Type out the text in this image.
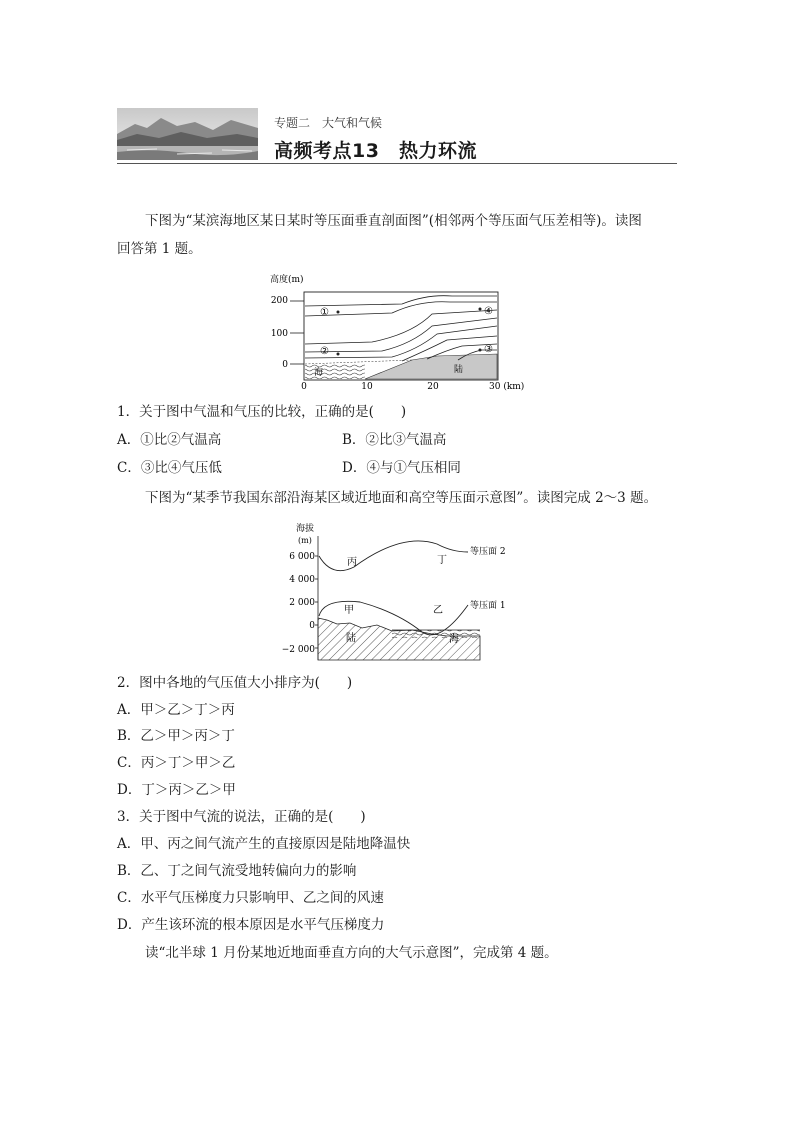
专题二　大气和气候
高频考点13　热力环流
下图为“某滨海地区某日某时等压面垂直剖面图”(相邻两个等压面气压差相等)。读图
回答第 1 题。
高度(m)
200
100
0
海	陆
①
②	③
④
0	10	20	30 (km)
1．关于图中气温和气压的比较，正确的是(　　)
A．①比②气温高	B．②比③气温高
C．③比④气压低	D．④与①气压相同
下图为“某季节我国东部沿海某区域近地面和高空等压面示意图”。读图完成 2～3 题。
海拔
(m)
6 000
4 000
2 000
0
−2 000
陆	海
丙	丁
甲	乙
等压面 2
等压面 1
2．图中各地的气压值大小排序为(　　)
A．甲＞乙＞丁＞丙
B．乙＞甲＞丙＞丁
C．丙＞丁＞甲＞乙
D．丁＞丙＞乙＞甲
3．关于图中气流的说法，正确的是(　　)
A．甲、丙之间气流产生的直接原因是陆地降温快
B．乙、丁之间气流受地转偏向力的影响
C．水平气压梯度力只影响甲、乙之间的风速
D．产生该环流的根本原因是水平气压梯度力
读“北半球 1 月份某地近地面垂直方向的大气示意图”，完成第 4 题。
